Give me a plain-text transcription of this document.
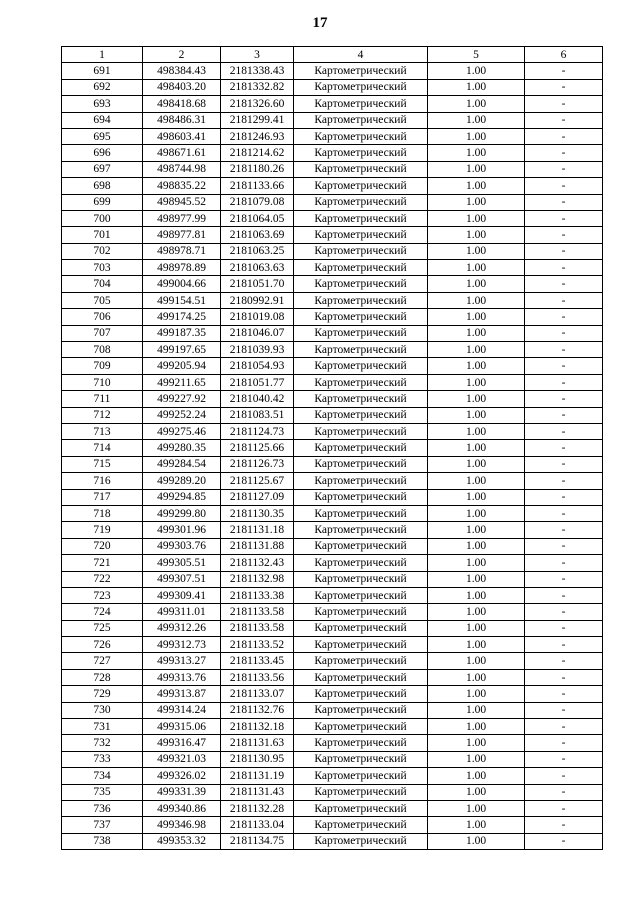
17
1	2	3	4	5	6
691	498384.43	2181338.43	Картометрический	1.00	-
692	498403.20	2181332.82	Картометрический	1.00	-
693	498418.68	2181326.60	Картометрический	1.00	-
694	498486.31	2181299.41	Картометрический	1.00	-
695	498603.41	2181246.93	Картометрический	1.00	-
696	498671.61	2181214.62	Картометрический	1.00	-
697	498744.98	2181180.26	Картометрический	1.00	-
698	498835.22	2181133.66	Картометрический	1.00	-
699	498945.52	2181079.08	Картометрический	1.00	-
700	498977.99	2181064.05	Картометрический	1.00	-
701	498977.81	2181063.69	Картометрический	1.00	-
702	498978.71	2181063.25	Картометрический	1.00	-
703	498978.89	2181063.63	Картометрический	1.00	-
704	499004.66	2181051.70	Картометрический	1.00	-
705	499154.51	2180992.91	Картометрический	1.00	-
706	499174.25	2181019.08	Картометрический	1.00	-
707	499187.35	2181046.07	Картометрический	1.00	-
708	499197.65	2181039.93	Картометрический	1.00	-
709	499205.94	2181054.93	Картометрический	1.00	-
710	499211.65	2181051.77	Картометрический	1.00	-
711	499227.92	2181040.42	Картометрический	1.00	-
712	499252.24	2181083.51	Картометрический	1.00	-
713	499275.46	2181124.73	Картометрический	1.00	-
714	499280.35	2181125.66	Картометрический	1.00	-
715	499284.54	2181126.73	Картометрический	1.00	-
716	499289.20	2181125.67	Картометрический	1.00	-
717	499294.85	2181127.09	Картометрический	1.00	-
718	499299.80	2181130.35	Картометрический	1.00	-
719	499301.96	2181131.18	Картометрический	1.00	-
720	499303.76	2181131.88	Картометрический	1.00	-
721	499305.51	2181132.43	Картометрический	1.00	-
722	499307.51	2181132.98	Картометрический	1.00	-
723	499309.41	2181133.38	Картометрический	1.00	-
724	499311.01	2181133.58	Картометрический	1.00	-
725	499312.26	2181133.58	Картометрический	1.00	-
726	499312.73	2181133.52	Картометрический	1.00	-
727	499313.27	2181133.45	Картометрический	1.00	-
728	499313.76	2181133.56	Картометрический	1.00	-
729	499313.87	2181133.07	Картометрический	1.00	-
730	499314.24	2181132.76	Картометрический	1.00	-
731	499315.06	2181132.18	Картометрический	1.00	-
732	499316.47	2181131.63	Картометрический	1.00	-
733	499321.03	2181130.95	Картометрический	1.00	-
734	499326.02	2181131.19	Картометрический	1.00	-
735	499331.39	2181131.43	Картометрический	1.00	-
736	499340.86	2181132.28	Картометрический	1.00	-
737	499346.98	2181133.04	Картометрический	1.00	-
738	499353.32	2181134.75	Картометрический	1.00	-
